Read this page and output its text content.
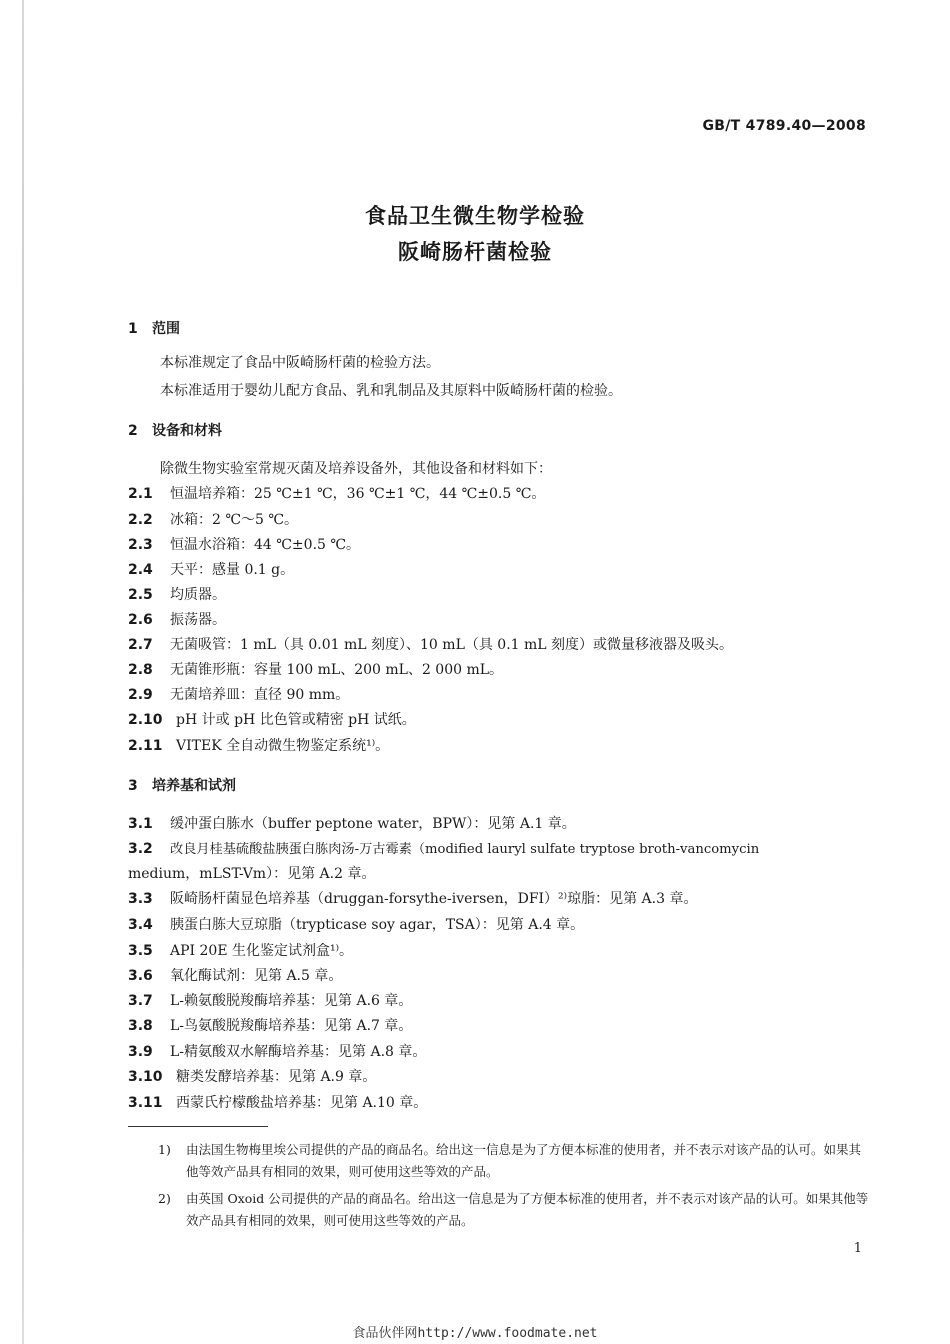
GB/T 4789.40—2008
食品卫生微生物学检验
阪崎肠杆菌检验
1 范围
本标准规定了食品中阪崎肠杆菌的检验方法。
本标准适用于婴幼儿配方食品、乳和乳制品及其原料中阪崎肠杆菌的检验。
2 设备和材料
除微生物实验室常规灭菌及培养设备外，其他设备和材料如下：
2.1 恒温培养箱：25 ℃±1 ℃，36 ℃±1 ℃，44 ℃±0.5 ℃。
2.2 冰箱：2 ℃～5 ℃。
2.3 恒温水浴箱：44 ℃±0.5 ℃。
2.4 天平：感量 0.1 g。
2.5 均质器。
2.6 振荡器。
2.7 无菌吸管：1 mL（具 0.01 mL 刻度）、10 mL（具 0.1 mL 刻度）或微量移液器及吸头。
2.8 无菌锥形瓶：容量 100 mL、200 mL、2 000 mL。
2.9 无菌培养皿：直径 90 mm。
2.10 pH 计或 pH 比色管或精密 pH 试纸。
2.11 VITEK 全自动微生物鉴定系统¹⁾。
3 培养基和试剂
3.1 缓冲蛋白胨水（buffer peptone water，BPW）：见第 A.1 章。
3.2 改良月桂基硫酸盐胰蛋白胨肉汤-万古霉素（modified lauryl sulfate tryptose broth-vancomycin
medium，mLST-Vm）：见第 A.2 章。
3.3 阪崎肠杆菌显色培养基（druggan-forsythe-iversen，DFI）²⁾琼脂：见第 A.3 章。
3.4 胰蛋白胨大豆琼脂（trypticase soy agar，TSA）：见第 A.4 章。
3.5 API 20E 生化鉴定试剂盒¹⁾。
3.6 氧化酶试剂：见第 A.5 章。
3.7 L-赖氨酸脱羧酶培养基：见第 A.6 章。
3.8 L-鸟氨酸脱羧酶培养基：见第 A.7 章。
3.9 L-精氨酸双水解酶培养基：见第 A.8 章。
3.10 糖类发酵培养基：见第 A.9 章。
3.11 西蒙氏柠檬酸盐培养基：见第 A.10 章。
1) 由法国生物梅里埃公司提供的产品的商品名。给出这一信息是为了方便本标准的使用者，并不表示对该产品的认可。如果其他等效产品具有相同的效果，则可使用这些等效的产品。
2) 由英国 Oxoid 公司提供的产品的商品名。给出这一信息是为了方便本标准的使用者，并不表示对该产品的认可。如果其他等效产品具有相同的效果，则可使用这些等效的产品。
1
食品伙伴网http://www.foodmate.net
